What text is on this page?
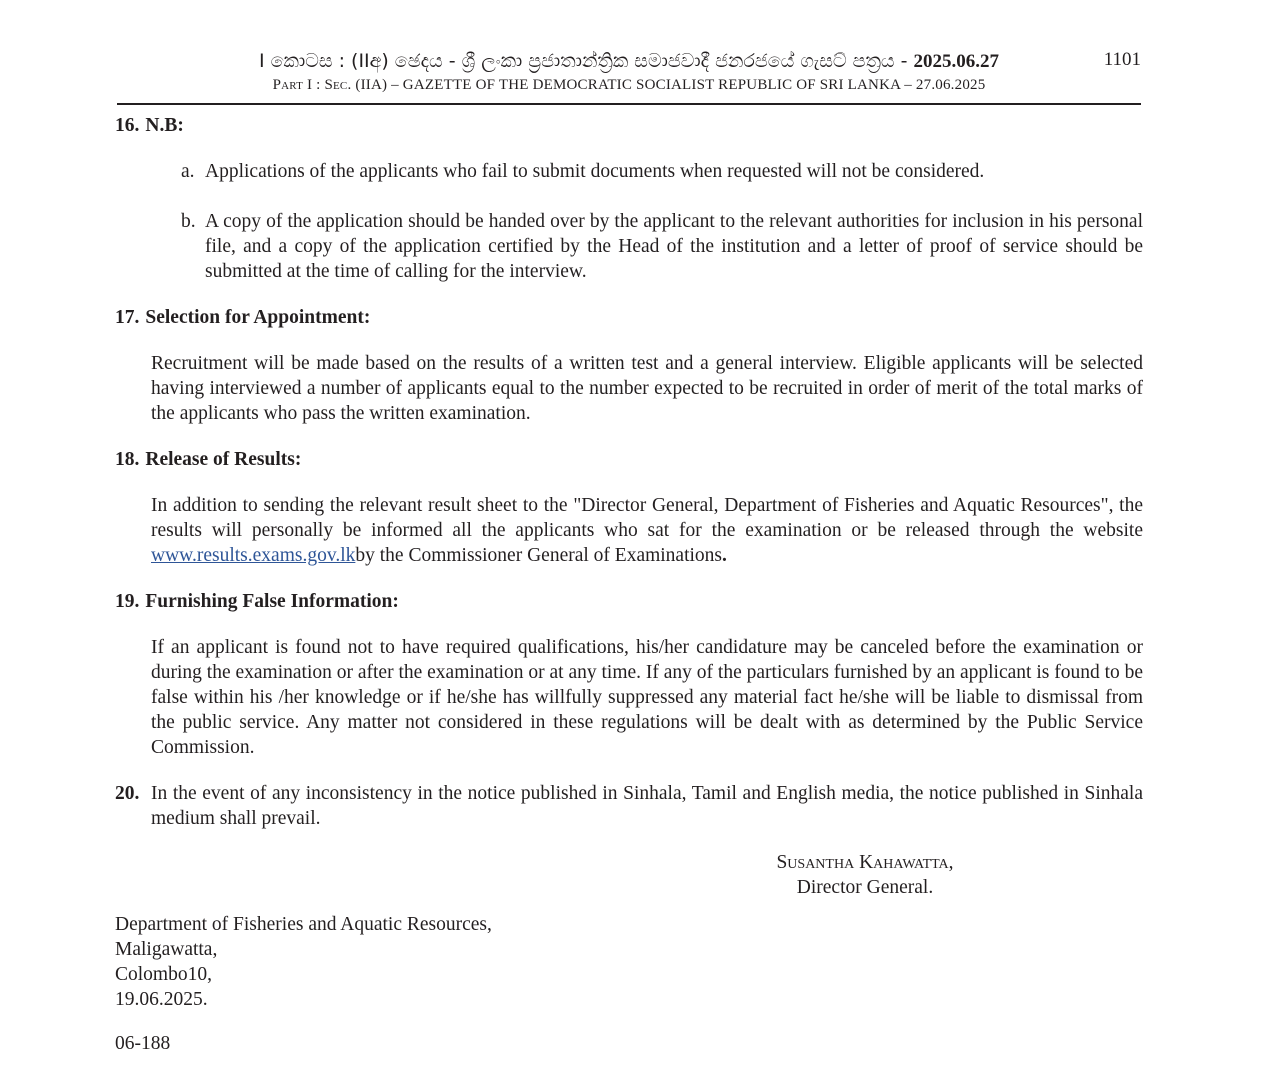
I කොටස : (IIඅ) ඡෙදය - ශ්‍රී ලංකා ප්‍රජාතාන්ත්‍රික සමාජවාදී ජනරජයේ ගැසට් පත්‍රය - 2025.06.27	1101
Part I : Sec. (IIA) – GAZETTE OF THE DEMOCRATIC SOCIALIST REPUBLIC OF SRI LANKA – 27.06.2025

16. N.B:

a. Applications of the applicants who fail to submit documents when requested will not be considered.
b. A copy of the application should be handed over by the applicant to the relevant authorities for inclusion in his personal file, and a copy of the application certified by the Head of the institution and a letter of proof of service should be submitted at the time of calling for the interview.

17. Selection for Appointment:

Recruitment will be made based on the results of a written test and a general interview. Eligible applicants will be selected having interviewed a number of applicants equal to the number expected to be recruited in order of merit of the total marks of the applicants who pass the written examination.

18. Release of Results:

In addition to sending the relevant result sheet to the "Director General, Department of Fisheries and Aquatic Resources", the results will personally be informed all the applicants who sat for the examination or be released through the website www.results.exams.gov.lkby the Commissioner General of Examinations.

19. Furnishing False Information:

If an applicant is found not to have required qualifications, his/her candidature may be canceled before the examination or during the examination or after the examination or at any time. If any of the particulars furnished by an applicant is found to be false within his /her knowledge or if he/she has willfully suppressed any material fact he/she will be liable to dismissal from the public service. Any matter not considered in these regulations will be dealt with as determined by the Public Service Commission.
20. In the event of any inconsistency in the notice published in Sinhala, Tamil and English media, the notice published in Sinhala medium shall prevail.
Susantha Kahawatta,
Director General.
Department of Fisheries and Aquatic Resources,
Maligawatta,
Colombo10,
19.06.2025.
06-188
